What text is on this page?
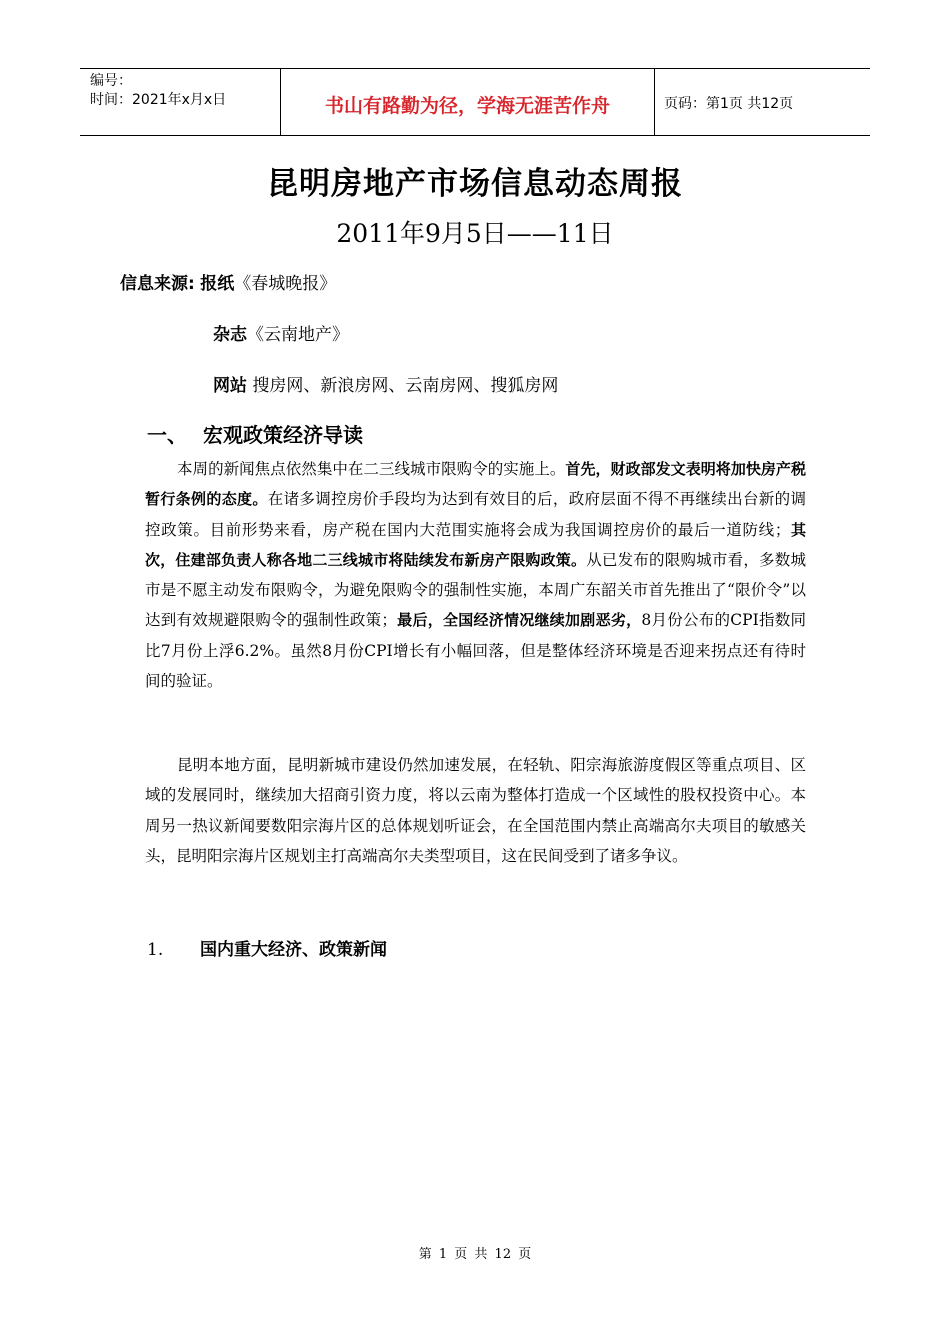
编号：
时间：2021年x月x日	书山有路勤为径，学海无涯苦作舟	页码：第1页 共12页
昆明房地产市场信息动态周报
2011年9月5日——11日
信息来源: 报纸《春城晚报》
杂志《云南地产》
网站 搜房网、新浪房网、云南房网、搜狐房网
一、 宏观政策经济导读
本周的新闻焦点依然集中在二三线城市限购令的实施上。首先，财政部发文表明将加快房产税暂行条例的态度。在诸多调控房价手段均为达到有效目的后，政府层面不得不再继续出台新的调控政策。目前形势来看，房产税在国内大范围实施将会成为我国调控房价的最后一道防线；其次，住建部负责人称各地二三线城市将陆续发布新房产限购政策。从已发布的限购城市看，多数城市是不愿主动发布限购令，为避免限购令的强制性实施，本周广东韶关市首先推出了“限价令”以达到有效规避限购令的强制性政策；最后，全国经济情况继续加剧恶劣，8月份公布的CPI指数同比7月份上浮6.2%。虽然8月份CPI增长有小幅回落，但是整体经济环境是否迎来拐点还有待时间的验证。
昆明本地方面，昆明新城市建设仍然加速发展，在轻轨、阳宗海旅游度假区等重点项目、区域的发展同时，继续加大招商引资力度，将以云南为整体打造成一个区域性的股权投资中心。本周另一热议新闻要数阳宗海片区的总体规划听证会，在全国范围内禁止高端高尔夫项目的敏感关头，昆明阳宗海片区规划主打高端高尔夫类型项目，这在民间受到了诸多争议。
1. 国内重大经济、政策新闻
第 1 页 共 12 页
